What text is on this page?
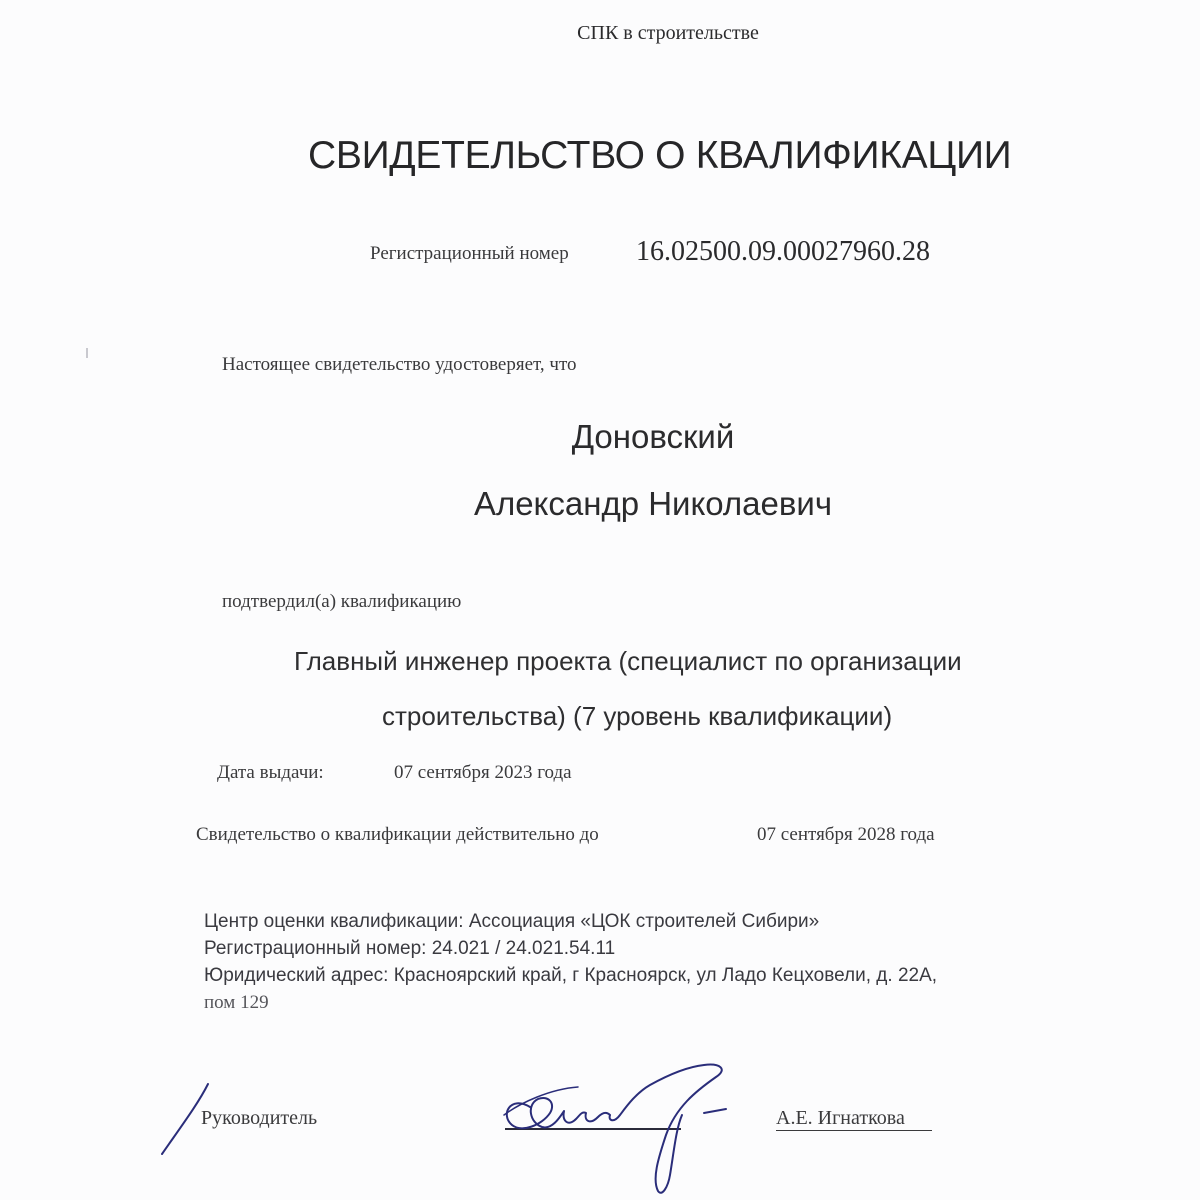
СПК в строительстве
СВИДЕТЕЛЬСТВО О КВАЛИФИКАЦИИ
Регистрационный номер 16.02500.09.00027960.28
Настоящее свидетельство удостоверяет, что
Доновский
Александр Николаевич
подтвердил(а) квалификацию
Главный инженер проекта (специалист по организации
строительства) (7 уровень квалификации)
Дата выдачи:	07 сентября 2023 года
Свидетельство о квалификации действительно до	07 сентября 2028 года
Центр оценки квалификации: Ассоциация «ЦОК строителей Сибири»
Регистрационный номер: 24.021 / 24.021.54.11
Юридический адрес: Красноярский край, г Красноярск, ул Ладо Кецховели, д. 22А,
пом 129
Руководитель	А.Е. Игнаткова
